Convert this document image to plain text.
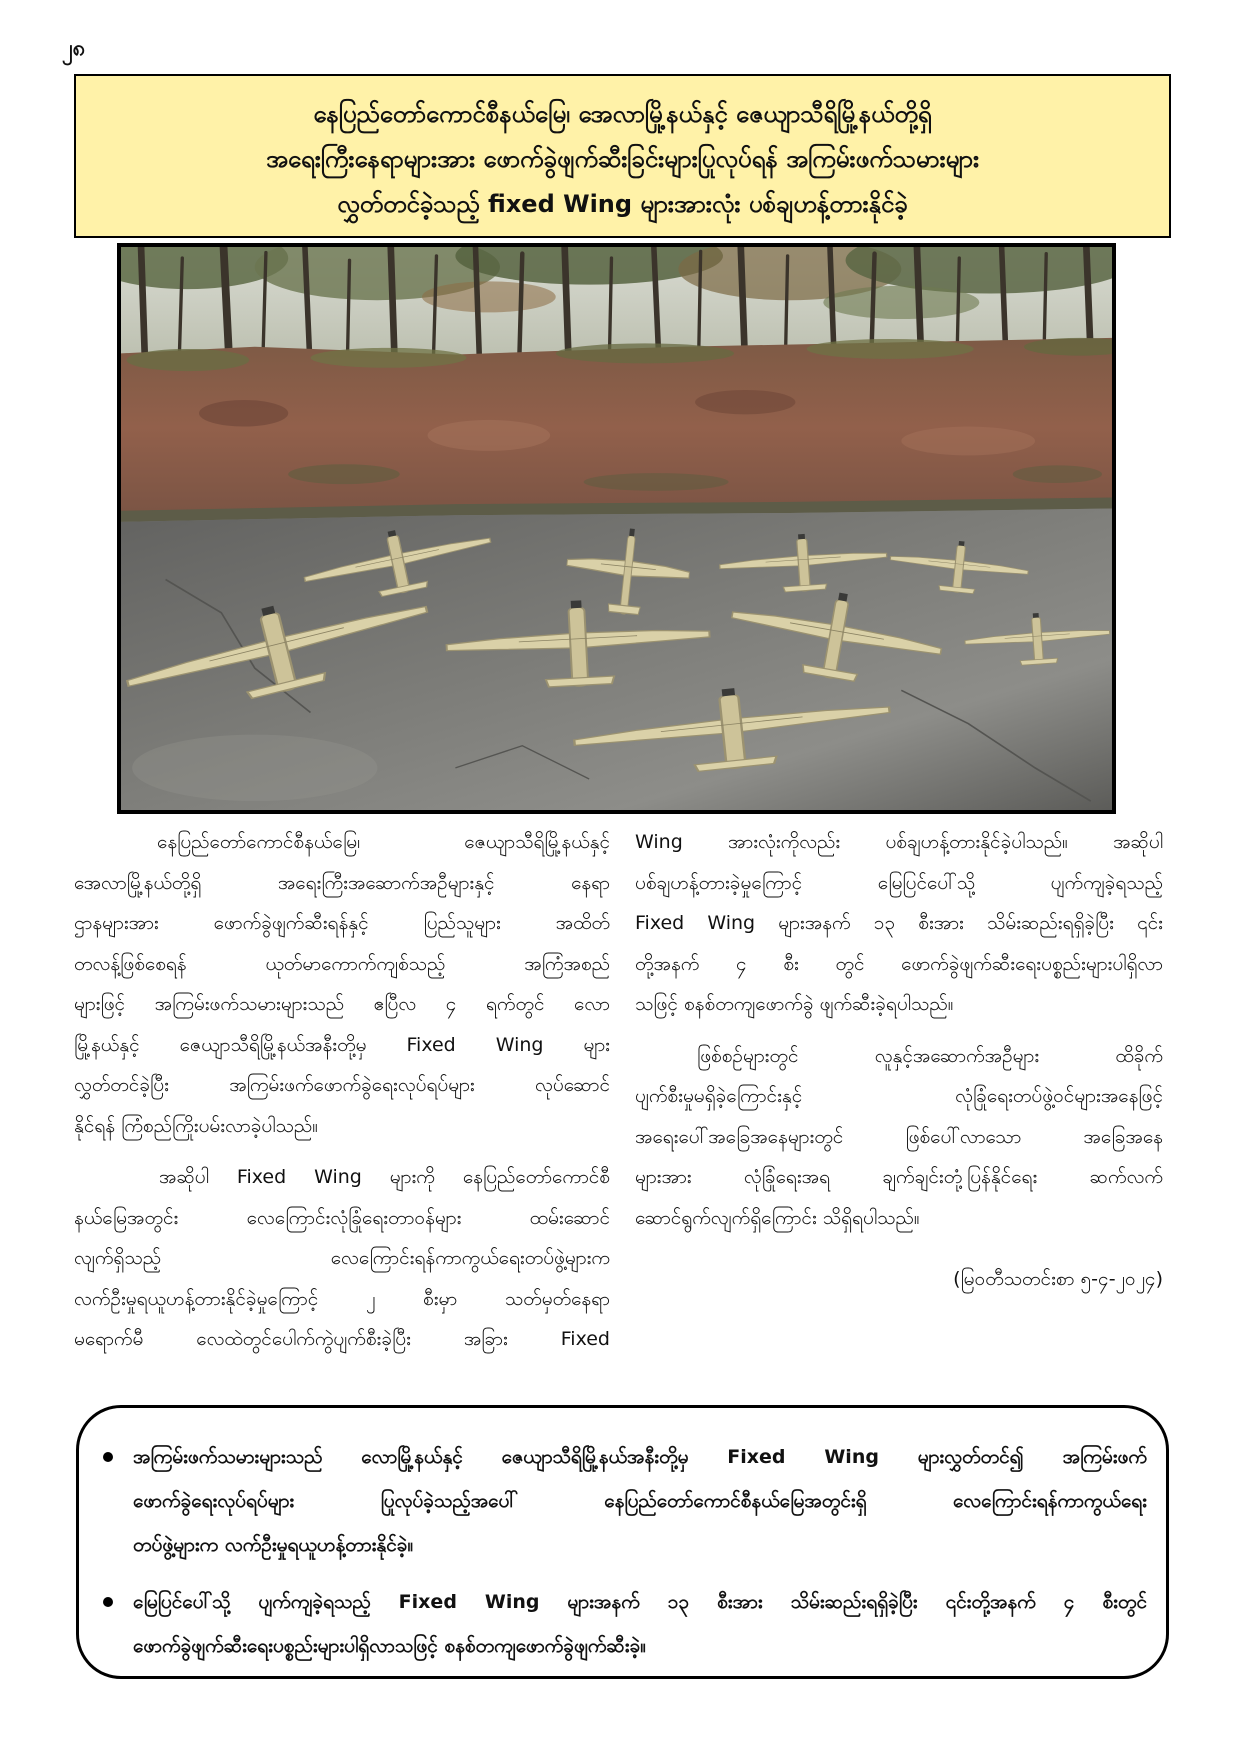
၂၈
နေပြည်တော်ကောင်စီနယ်မြေ၊ အေလာမြို့နယ်နှင့် ဇေယျာသီရိမြို့နယ်တို့ရှိ
အရေးကြီးနေရာများအား ဖောက်ခွဲဖျက်ဆီးခြင်းများပြုလုပ်ရန် အကြမ်းဖက်သမားများ
လွှတ်တင်ခဲ့သည့် fixed Wing များအားလုံး ပစ်ချဟန့်တားနိုင်ခဲ့
နေပြည်တော်ကောင်စီနယ်မြေ၊ ဇေယျာသီရိမြို့နယ်နှင့်
အေလာမြို့နယ်တို့ရှိ အရေးကြီးအဆောက်အဦများနှင့် နေရာ
ဌာနများအား ဖောက်ခွဲဖျက်ဆီးရန်နှင့် ပြည်သူများ အထိတ်
တလန့်ဖြစ်စေရန် ယုတ်မာကောက်ကျစ်သည့် အကြံအစည်
များဖြင့် အကြမ်းဖက်သမားများသည် ဧပြီလ ၄ ရက်တွင် လော
မြို့နယ်နှင့် ဇေယျာသီရိမြို့နယ်အနီးတို့မှ Fixed Wing များ
လွှတ်တင်ခဲ့ပြီး အကြမ်းဖက်ဖောက်ခွဲရေးလုပ်ရပ်များ လုပ်ဆောင်
နိုင်ရန် ကြံစည်ကြိုးပမ်းလာခဲ့ပါသည်။
အဆိုပါ Fixed Wing များကို နေပြည်တော်ကောင်စီ
နယ်မြေအတွင်း လေကြောင်းလုံခြုံရေးတာဝန်များ ထမ်းဆောင်
လျက်ရှိသည့် လေကြောင်းရန်ကာကွယ်ရေးတပ်ဖွဲ့များက
လက်ဦးမှုရယူဟန့်တားနိုင်ခဲ့မှုကြောင့် ၂ စီးမှာ သတ်မှတ်နေရာ
မရောက်မီ လေထဲတွင်ပေါက်ကွဲပျက်စီးခဲ့ပြီး အခြား Fixed
Wing အားလုံးကိုလည်း ပစ်ချဟန့်တားနိုင်ခဲ့ပါသည်။ အဆိုပါ
ပစ်ချဟန့်တားခဲ့မှုကြောင့် မြေပြင်ပေါ်သို့ ပျက်ကျခဲ့ရသည့်
Fixed Wing များအနက် ၁၃ စီးအား သိမ်းဆည်းရရှိခဲ့ပြီး ၎င်း
တို့အနက် ၄ စီး တွင် ဖောက်ခွဲဖျက်ဆီးရေးပစ္စည်းများပါရှိလာ
သဖြင့် စနစ်တကျဖောက်ခွဲ ဖျက်ဆီးခဲ့ရပါသည်။
ဖြစ်စဉ်များတွင် လူနှင့်အဆောက်အဦများ ထိခိုက်
ပျက်စီးမှုမရှိခဲ့ကြောင်းနှင့် လုံခြုံရေးတပ်ဖွဲ့ဝင်များအနေဖြင့်
အရေးပေါ်အခြေအနေများတွင် ဖြစ်ပေါ်လာသော အခြေအနေ
များအား လုံခြုံရေးအရ ချက်ချင်းတုံ့ပြန်နိုင်ရေး ဆက်လက်
ဆောင်ရွက်လျက်ရှိကြောင်း သိရှိရပါသည်။
(မြဝတီသတင်းစာ ၅-၄-၂၀၂၄)
အကြမ်းဖက်သမားများသည် လောမြို့နယ်နှင့် ဇေယျာသီရိမြို့နယ်အနီးတို့မှ Fixed Wing များလွှတ်တင်၍ အကြမ်းဖက်
ဖောက်ခွဲရေးလုပ်ရပ်များ ပြုလုပ်ခဲ့သည့်အပေါ် နေပြည်တော်ကောင်စီနယ်မြေအတွင်းရှိ လေကြောင်းရန်ကာကွယ်ရေး
တပ်ဖွဲ့များက လက်ဦးမှုရယူဟန့်တားနိုင်ခဲ့။
မြေပြင်ပေါ်သို့ ပျက်ကျခဲ့ရသည့် Fixed Wing များအနက် ၁၃ စီးအား သိမ်းဆည်းရရှိခဲ့ပြီး ၎င်းတို့အနက် ၄ စီးတွင်
ဖောက်ခွဲဖျက်ဆီးရေးပစ္စည်းများပါရှိလာသဖြင့် စနစ်တကျဖောက်ခွဲဖျက်ဆီးခဲ့။
